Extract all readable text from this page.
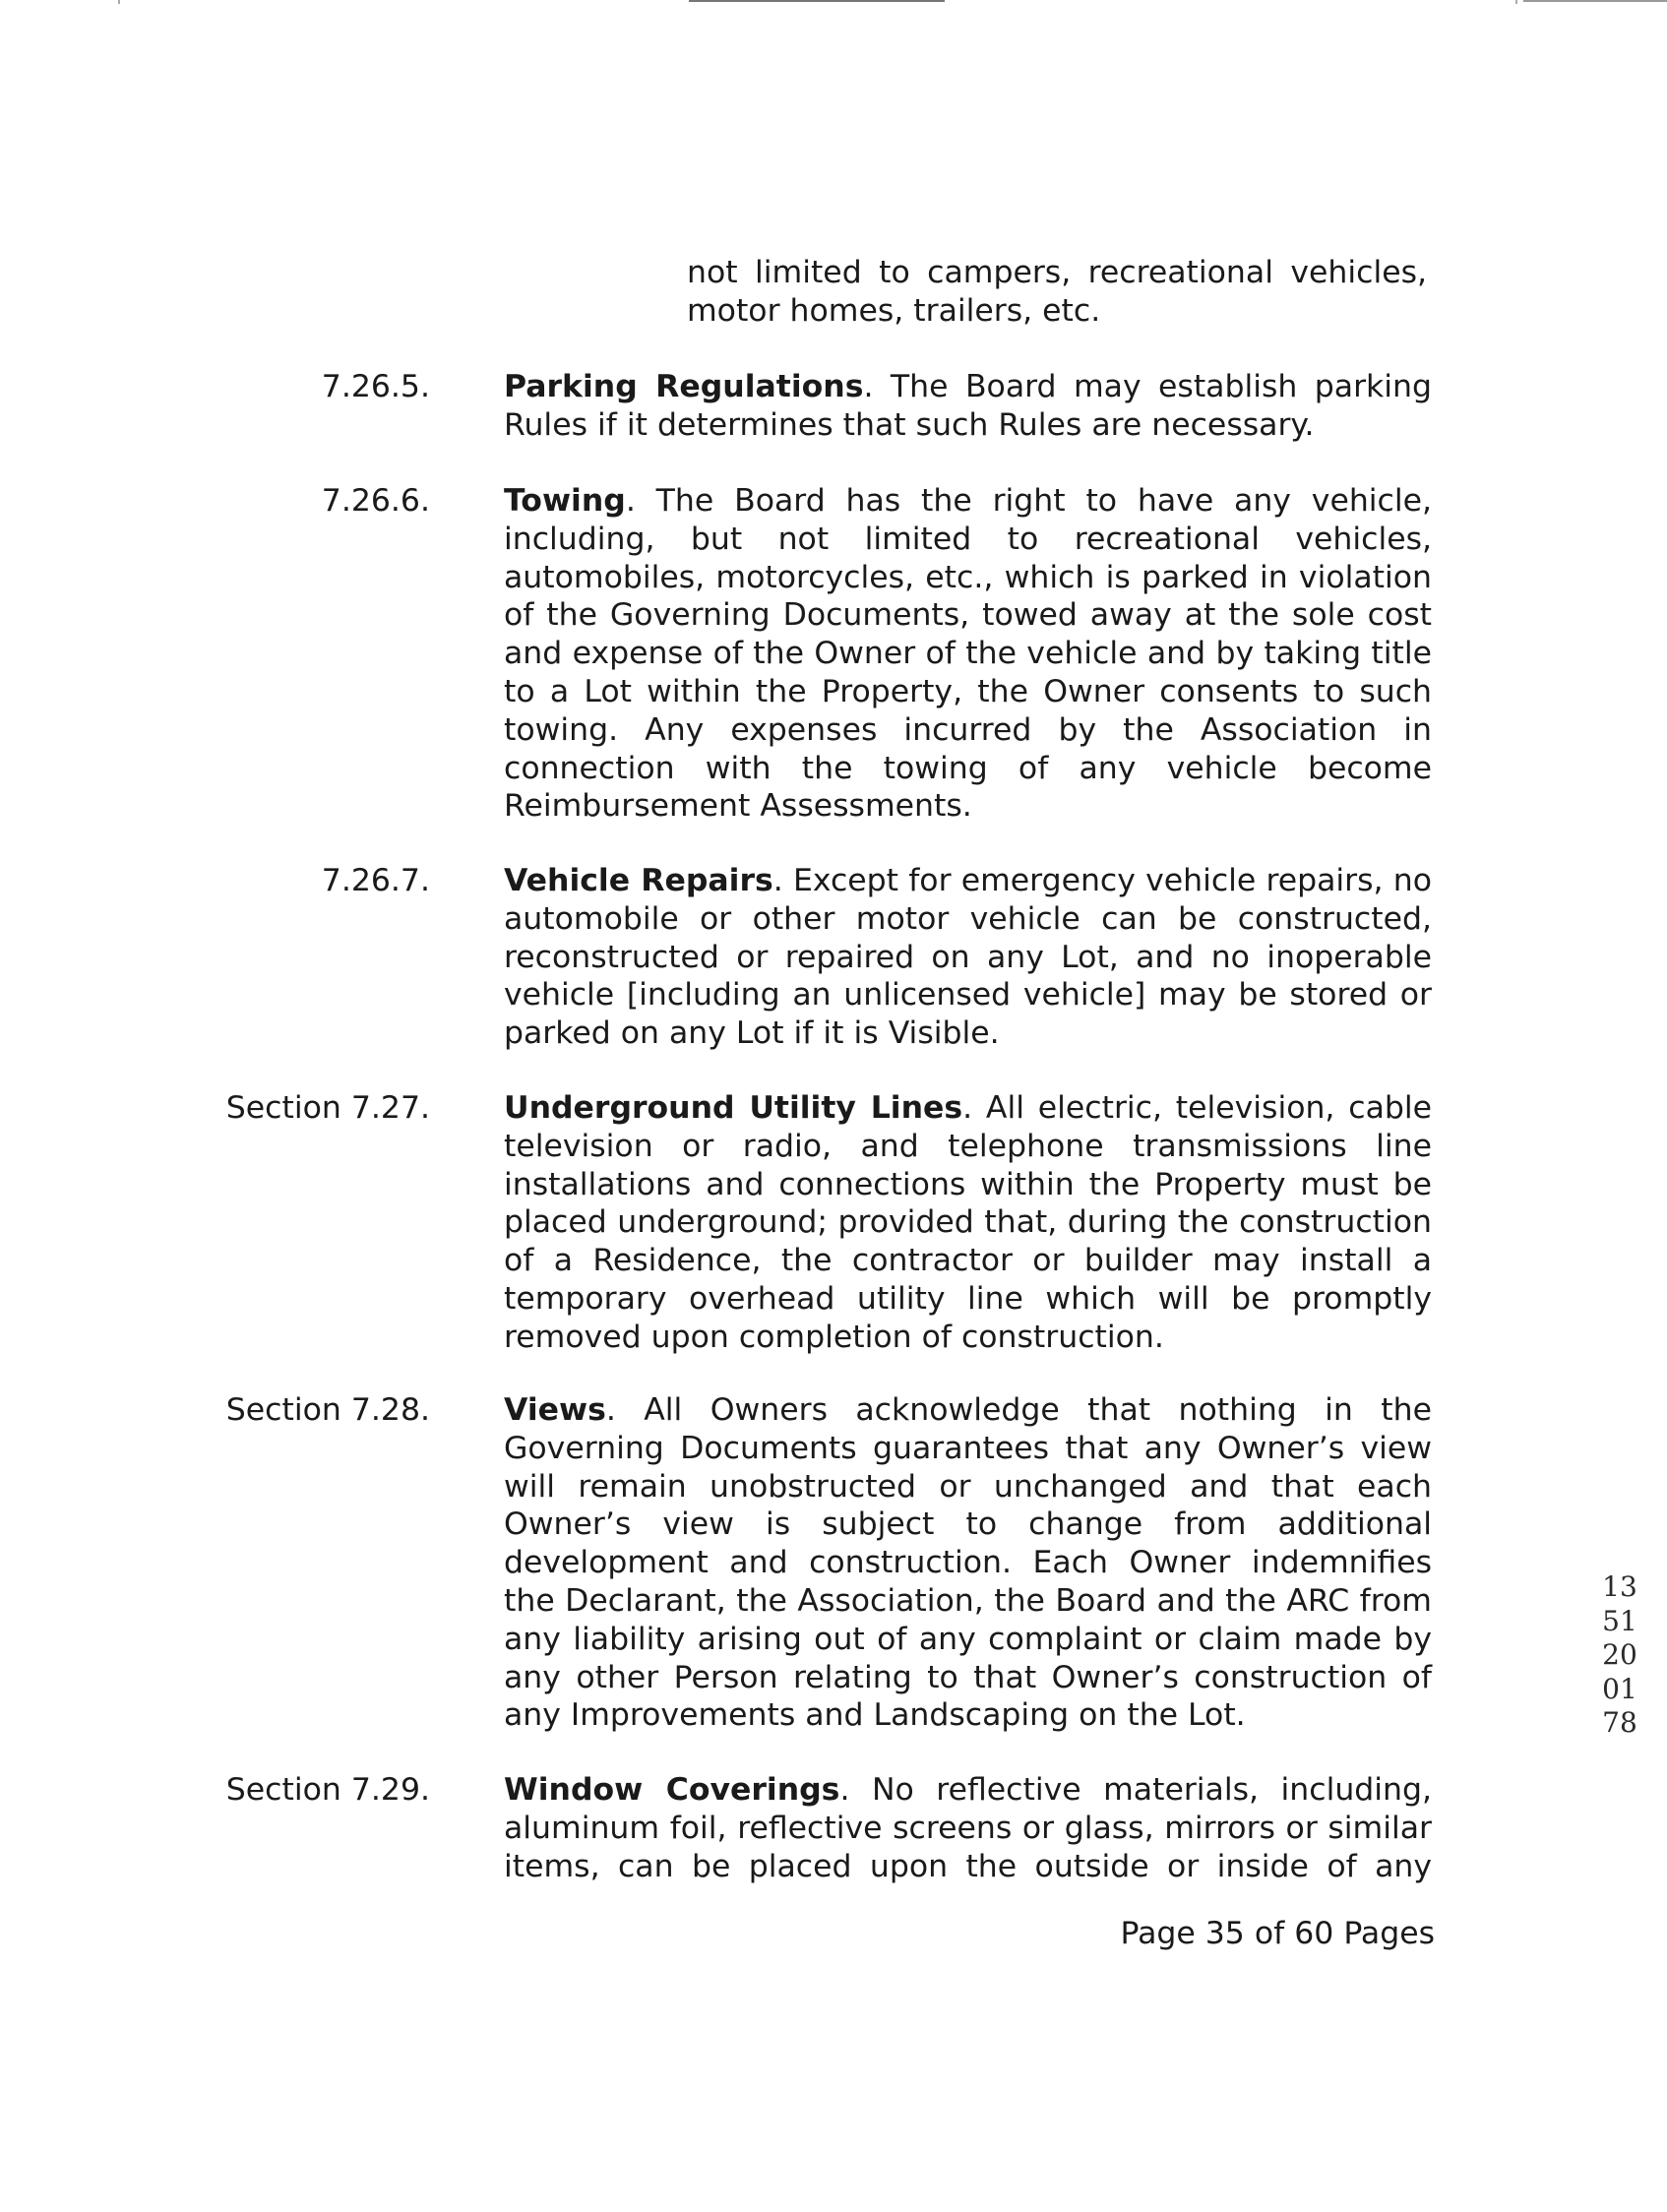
not limited to campers, recreational vehicles,
motor homes, trailers, etc.
7.26.5. Parking Regulations. The Board may establish parking Rules if it determines that such Rules are necessary.
7.26.6. Towing. The Board has the right to have any vehicle, including, but not limited to recreational vehicles, automobiles, motorcycles, etc., which is parked in violation of the Governing Documents, towed away at the sole cost and expense of the Owner of the vehicle and by taking title to a Lot within the Property, the Owner consents to such towing. Any expenses incurred by the Association in connection with the towing of any vehicle become Reimbursement Assessments.
7.26.7. Vehicle Repairs. Except for emergency vehicle repairs, no automobile or other motor vehicle can be constructed, reconstructed or repaired on any Lot, and no inoperable vehicle [including an unlicensed vehicle] may be stored or parked on any Lot if it is Visible.
Section 7.27. Underground Utility Lines. All electric, television, cable television or radio, and telephone transmissions line installations and connections within the Property must be placed underground; provided that, during the construction of a Residence, the contractor or builder may install a temporary overhead utility line which will be promptly removed upon completion of construction.
Section 7.28. Views. All Owners acknowledge that nothing in the Governing Documents guarantees that any Owner’s view will remain unobstructed or unchanged and that each Owner’s view is subject to change from additional development and construction. Each Owner indemnifies the Declarant, the Association, the Board and the ARC from any liability arising out of any complaint or claim made by any other Person relating to that Owner’s construction of any Improvements and Landscaping on the Lot.
Section 7.29. Window Coverings. No reflective materials, including, aluminum foil, reflective screens or glass, mirrors or similar items, can be placed upon the outside or inside of any
Page 35 of 60 Pages
1351200178
